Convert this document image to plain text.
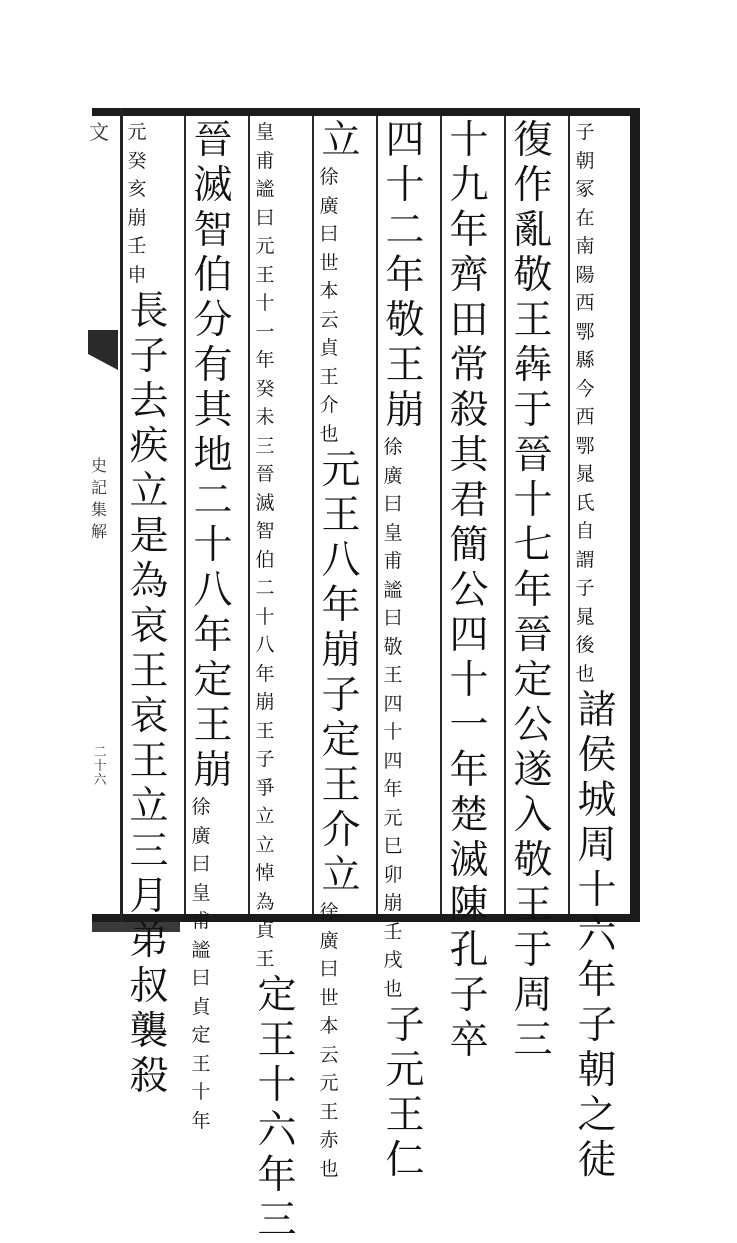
文
史
記
集
解
二
十
六
子
朝
冢
在
南
陽
西
鄂
縣
今
西
鄂
晁
氏
自
謂
子
晁
後
也
諸
侯
城
周
十
六
年
子
朝
之
徒
復
作
亂
敬
王
犇
于
晉
十
七
年
晉
定
公
遂
入
敬
王
于
周
三
十
九
年
齊
田
常
殺
其
君
簡
公
四
十
一
年
楚
滅
陳
孔
子
卒
四
十
二
年
敬
王
崩
徐
廣
曰
皇
甫
謐
曰
敬
王
四
十
四
年
元
巳
卯
崩
壬
戌
也
子
元
王
仁
立
徐
廣
曰
世
本
云
貞
王
介
也
元
王
八
年
崩
子
定
王
介
立
徐
廣
曰
世
本
云
元
王
赤
也
皇
甫
謐
曰
元
王
十
一
年
癸
未
三
晉
滅
智
伯
二
十
八
年
崩
王
子
爭
立
立
悼
為
貞
王
定
王
十
六
年
三
晉
滅
智
伯
分
有
其
地
二
十
八
年
定
王
崩
徐
廣
曰
皇
甫
謐
曰
貞
定
王
十
年
元
癸
亥
崩
壬
申
長
子
去
疾
立
是
為
哀
王
哀
王
立
三
月
弟
叔
襲
殺
